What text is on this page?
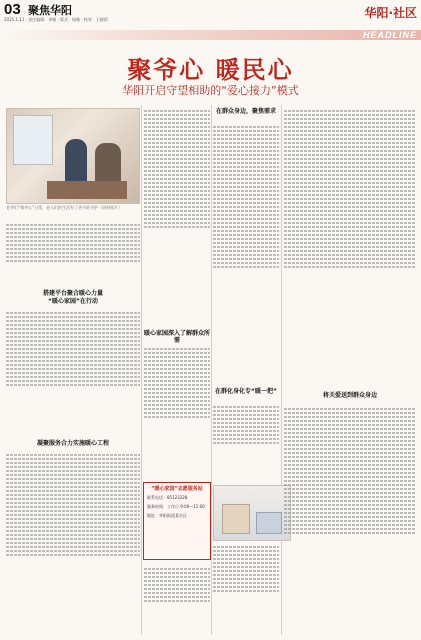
03 聚焦华阳
2025.1.11 · 责任编辑：李娜 · 版式：杨顺 · 校对：王晓莉	华阳·社区
HEADLINE
聚爷心 暖民心
华阳开启守望相助的“爱心接力”模式
老爷们“聚爷心”日常，老人们的生活有了更多的守护（资料图片）
搭建平台聚合暖心力量
“暖心家园”在行动
凝聚服务合力实施暖心工程
暖心家园深入了解群众所需
“暖心家园”志愿服务站
联系电话：85123228
服务时间：工作日 9:00—11:00
地址：华阳街道某社区
在群众身边，聚焦需求
在群化身化专“暖一把”
将关爱送到群众身边
